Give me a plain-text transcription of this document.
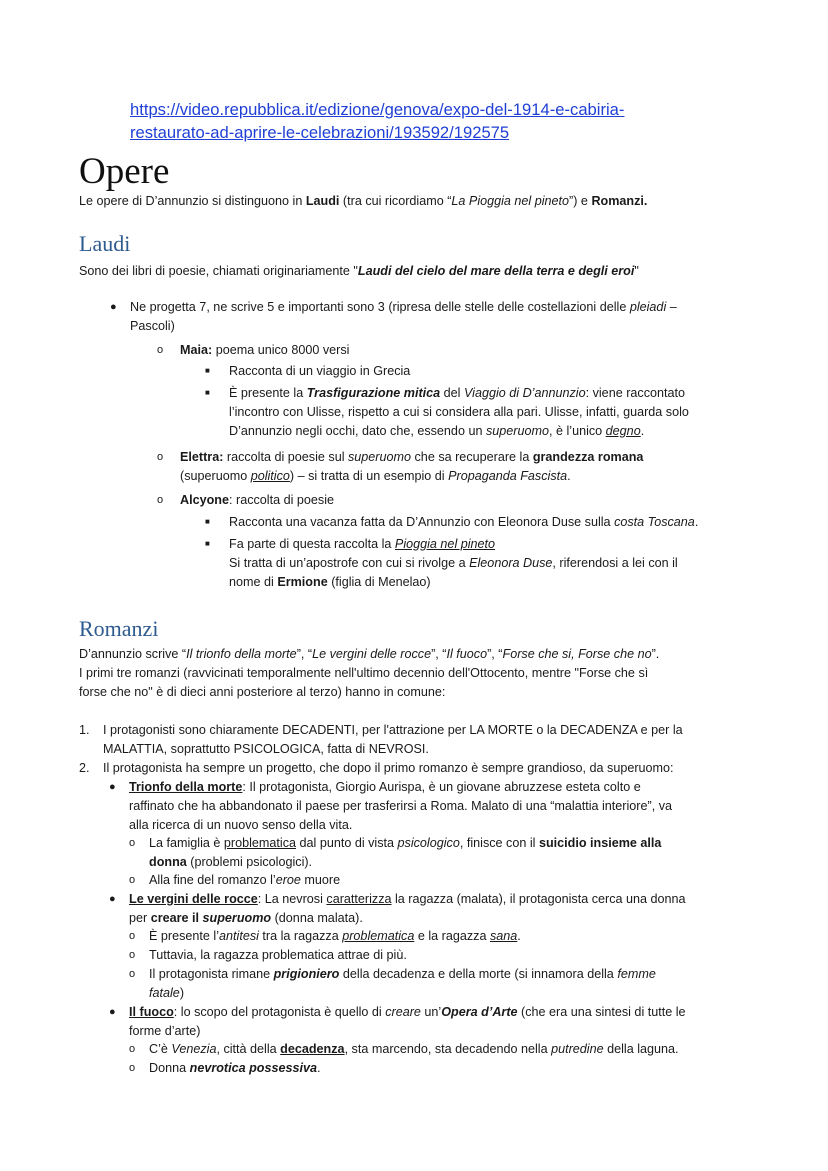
https://video.repubblica.it/edizione/genova/expo-del-1914-e-cabiria-
restaurato-ad-aprire-le-celebrazioni/193592/192575
Opere
Le opere di D’annunzio si distinguono in Laudi (tra cui ricordiamo “La Pioggia nel pineto”) e Romanzi.
Laudi
Sono dei libri di poesie, chiamati originariamente "Laudi del cielo del mare della terra e degli eroi"
● Ne progetta 7, ne scrive 5 e importanti sono 3 (ripresa delle stelle delle costellazioni delle pleiadi –
Pascoli)
o Maia: poema unico 8000 versi
■ Racconta di un viaggio in Grecia
■ È presente la Trasfigurazione mitica del Viaggio di D’annunzio: viene raccontato
l’incontro con Ulisse, rispetto a cui si considera alla pari. Ulisse, infatti, guarda solo
D’annunzio negli occhi, dato che, essendo un superuomo, è l’unico degno.
o Elettra: raccolta di poesie sul superuomo che sa recuperare la grandezza romana
(superuomo politico) – si tratta di un esempio di Propaganda Fascista.
o Alcyone: raccolta di poesie
■ Racconta una vacanza fatta da D’Annunzio con Eleonora Duse sulla costa Toscana.
■ Fa parte di questa raccolta la Pioggia nel pineto
Si tratta di un’apostrofe con cui si rivolge a Eleonora Duse, riferendosi a lei con il
nome di Ermione (figlia di Menelao)
Romanzi
D’annunzio scrive “Il trionfo della morte”, “Le vergini delle rocce”, “Il fuoco”, “Forse che si, Forse che no”.
I primi tre romanzi (ravvicinati temporalmente nell'ultimo decennio dell'Ottocento, mentre "Forse che sì
forse che no" è di dieci anni posteriore al terzo) hanno in comune:
1. I protagonisti sono chiaramente DECADENTI, per l'attrazione per LA MORTE o la DECADENZA e per la
MALATTIA, soprattutto PSICOLOGICA, fatta di NEVROSI.
2. Il protagonista ha sempre un progetto, che dopo il primo romanzo è sempre grandioso, da superuomo:
● Trionfo della morte: Il protagonista, Giorgio Aurispa, è un giovane abruzzese esteta colto e
raffinato che ha abbandonato il paese per trasferirsi a Roma. Malato di una “malattia interiore”, va
alla ricerca di un nuovo senso della vita.
o La famiglia è problematica dal punto di vista psicologico, finisce con il suicidio insieme alla
donna (problemi psicologici).
o Alla fine del romanzo l’eroe muore
● Le vergini delle rocce: La nevrosi caratterizza la ragazza (malata), il protagonista cerca una donna
per creare il superuomo (donna malata).
o È presente l’antitesi tra la ragazza problematica e la ragazza sana.
o Tuttavia, la ragazza problematica attrae di più.
o Il protagonista rimane prigioniero della decadenza e della morte (si innamora della femme
fatale)
● Il fuoco: lo scopo del protagonista è quello di creare un’Opera d’Arte (che era una sintesi di tutte le
forme d’arte)
o C’è Venezia, città della decadenza, sta marcendo, sta decadendo nella putredine della laguna.
o Donna nevrotica possessiva.
